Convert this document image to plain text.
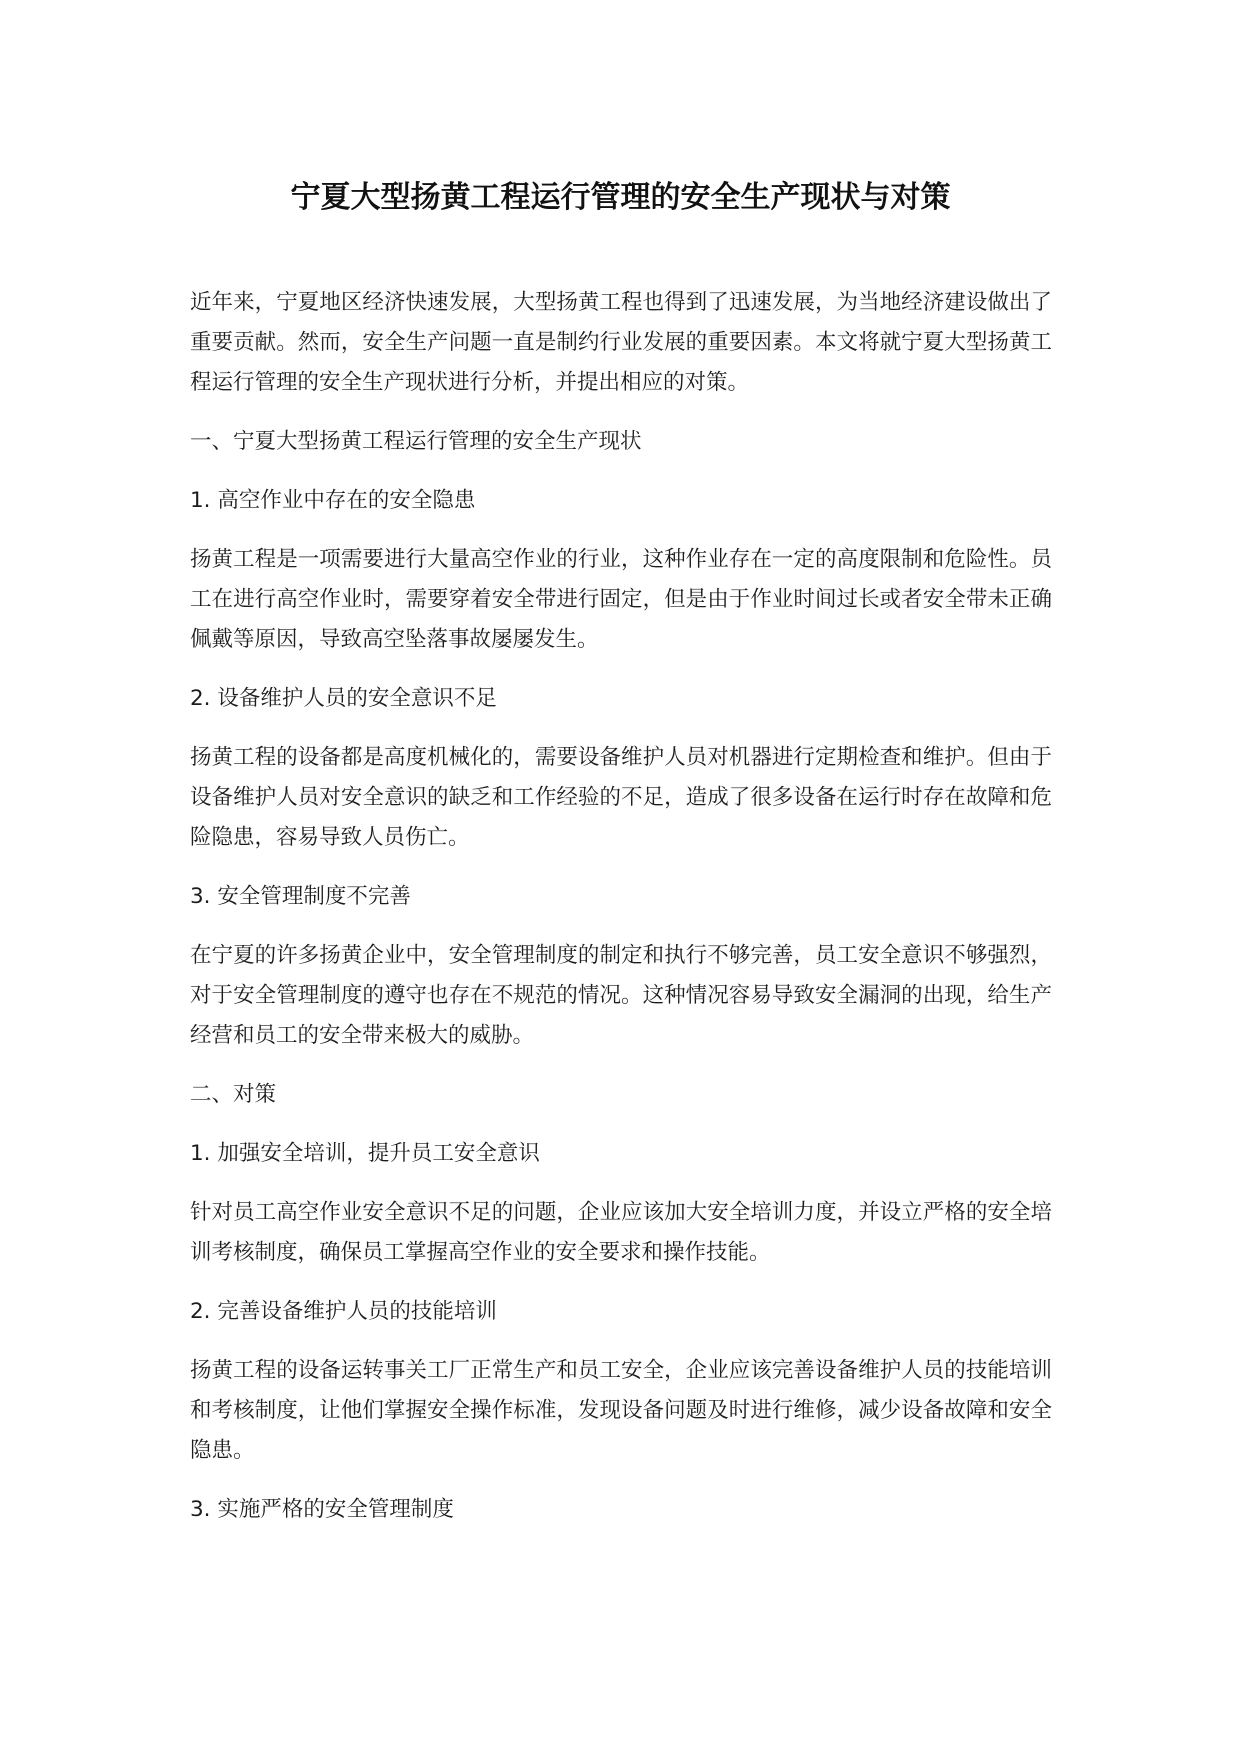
宁夏大型扬黄工程运行管理的安全生产现状与对策

近年来，宁夏地区经济快速发展，大型扬黄工程也得到了迅速发展，为当地经济建设做出了重要贡献。然而，安全生产问题一直是制约行业发展的重要因素。本文将就宁夏大型扬黄工程运行管理的安全生产现状进行分析，并提出相应的对策。

一、宁夏大型扬黄工程运行管理的安全生产现状

1. 高空作业中存在的安全隐患

扬黄工程是一项需要进行大量高空作业的行业，这种作业存在一定的高度限制和危险性。员工在进行高空作业时，需要穿着安全带进行固定，但是由于作业时间过长或者安全带未正确佩戴等原因，导致高空坠落事故屡屡发生。

2. 设备维护人员的安全意识不足

扬黄工程的设备都是高度机械化的，需要设备维护人员对机器进行定期检查和维护。但由于设备维护人员对安全意识的缺乏和工作经验的不足，造成了很多设备在运行时存在故障和危险隐患，容易导致人员伤亡。

3. 安全管理制度不完善

在宁夏的许多扬黄企业中，安全管理制度的制定和执行不够完善，员工安全意识不够强烈，对于安全管理制度的遵守也存在不规范的情况。这种情况容易导致安全漏洞的出现，给生产经营和员工的安全带来极大的威胁。

二、对策

1. 加强安全培训，提升员工安全意识

针对员工高空作业安全意识不足的问题，企业应该加大安全培训力度，并设立严格的安全培训考核制度，确保员工掌握高空作业的安全要求和操作技能。

2. 完善设备维护人员的技能培训

扬黄工程的设备运转事关工厂正常生产和员工安全，企业应该完善设备维护人员的技能培训和考核制度，让他们掌握安全操作标准，发现设备问题及时进行维修，减少设备故障和安全隐患。

3. 实施严格的安全管理制度
